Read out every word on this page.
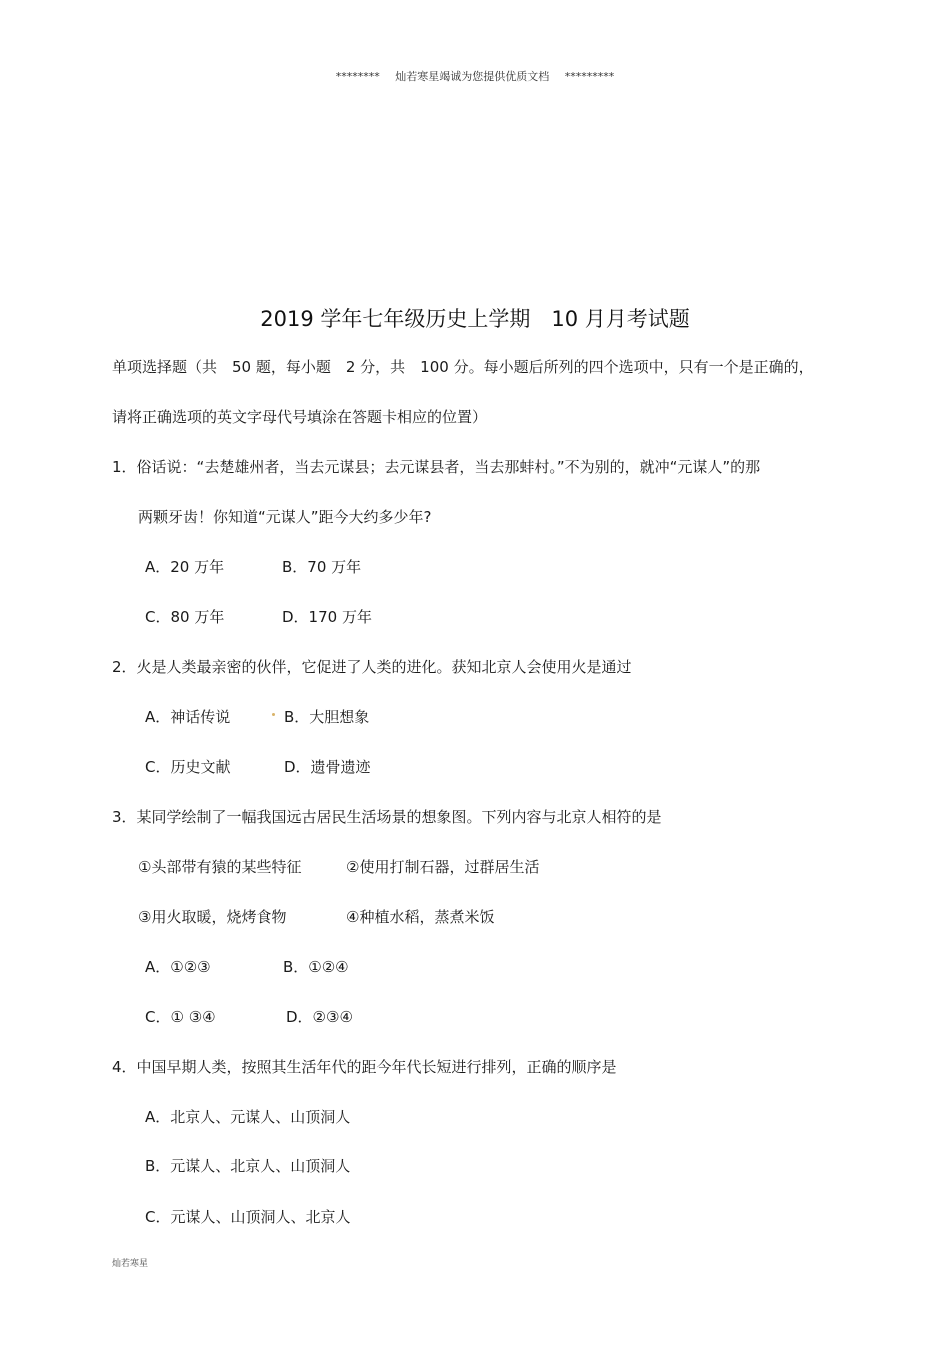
******** 灿若寒星竭诚为您提供优质文档 *********
2019 学年七年级历史上学期　10 月月考试题
单项选择题（共　50 题，每小题　2 分，共　100 分。每小题后所列的四个选项中，只有一个是正确的，
请将正确选项的英文字母代号填涂在答题卡相应的位置）
1．俗话说：“去楚雄州者，当去元谋县；去元谋县者，当去那蚌村。”不为别的，就冲“元谋人”的那
两颗牙齿！你知道“元谋人”距今大约多少年?
A．20 万年	B．70 万年
C．80 万年	D．170 万年
2．火是人类最亲密的伙伴，它促进了人类的进化。获知北京人会使用火是通过
A．神话传说	B．大胆想象
C．历史文献	D．遗骨遗迹
3．某同学绘制了一幅我国远古居民生活场景的想象图。下列内容与北京人相符的是
①头部带有猿的某些特征	②使用打制石器，过群居生活
③用火取暖，烧烤食物	④种植水稻，蒸煮米饭
A．①②③	B．①②④
C．① ③④	D．②③④
4．中国早期人类，按照其生活年代的距今年代长短进行排列，正确的顺序是
A．北京人、元谋人、山顶洞人
B．元谋人、北京人、山顶洞人
C．元谋人、山顶洞人、北京人
灿若寒星
